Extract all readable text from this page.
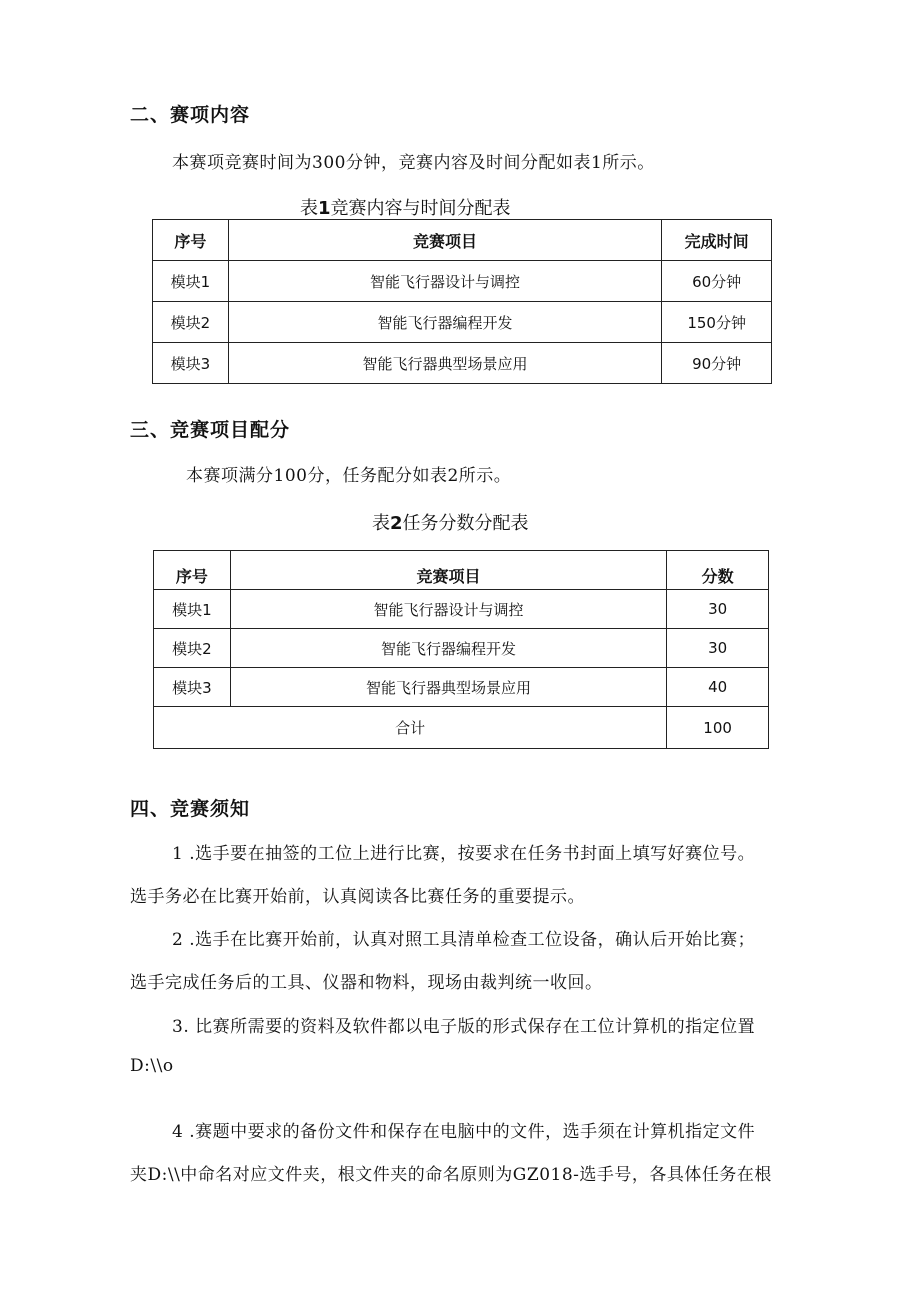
二、赛项内容
本赛项竞赛时间为300分钟，竞赛内容及时间分配如表1所示。
表1竞赛内容与时间分配表
序号	竞赛项目	完成时间
模块1	智能飞行器设计与调控	60分钟
模块2	智能飞行器编程开发	150分钟
模块3	智能飞行器典型场景应用	90分钟
三、竞赛项目配分
本赛项满分100分，任务配分如表2所示。
表2任务分数分配表
序号	竞赛项目	分数
模块1	智能飞行器设计与调控	30
模块2	智能飞行器编程开发	30
模块3	智能飞行器典型场景应用	40
合计		100
四、竞赛须知
1 .选手要在抽签的工位上进行比赛，按要求在任务书封面上填写好赛位号。
选手务必在比赛开始前，认真阅读各比赛任务的重要提示。
2 .选手在比赛开始前，认真对照工具清单检查工位设备，确认后开始比赛；
选手完成任务后的工具、仪器和物料，现场由裁判统一收回。
3. 比赛所需要的资料及软件都以电子版的形式保存在工位计算机的指定位置
D:\\o
4 .赛题中要求的备份文件和保存在电脑中的文件，选手须在计算机指定文件
夹D:\\中命名对应文件夹，根文件夹的命名原则为GZ018-选手号，各具体任务在根
